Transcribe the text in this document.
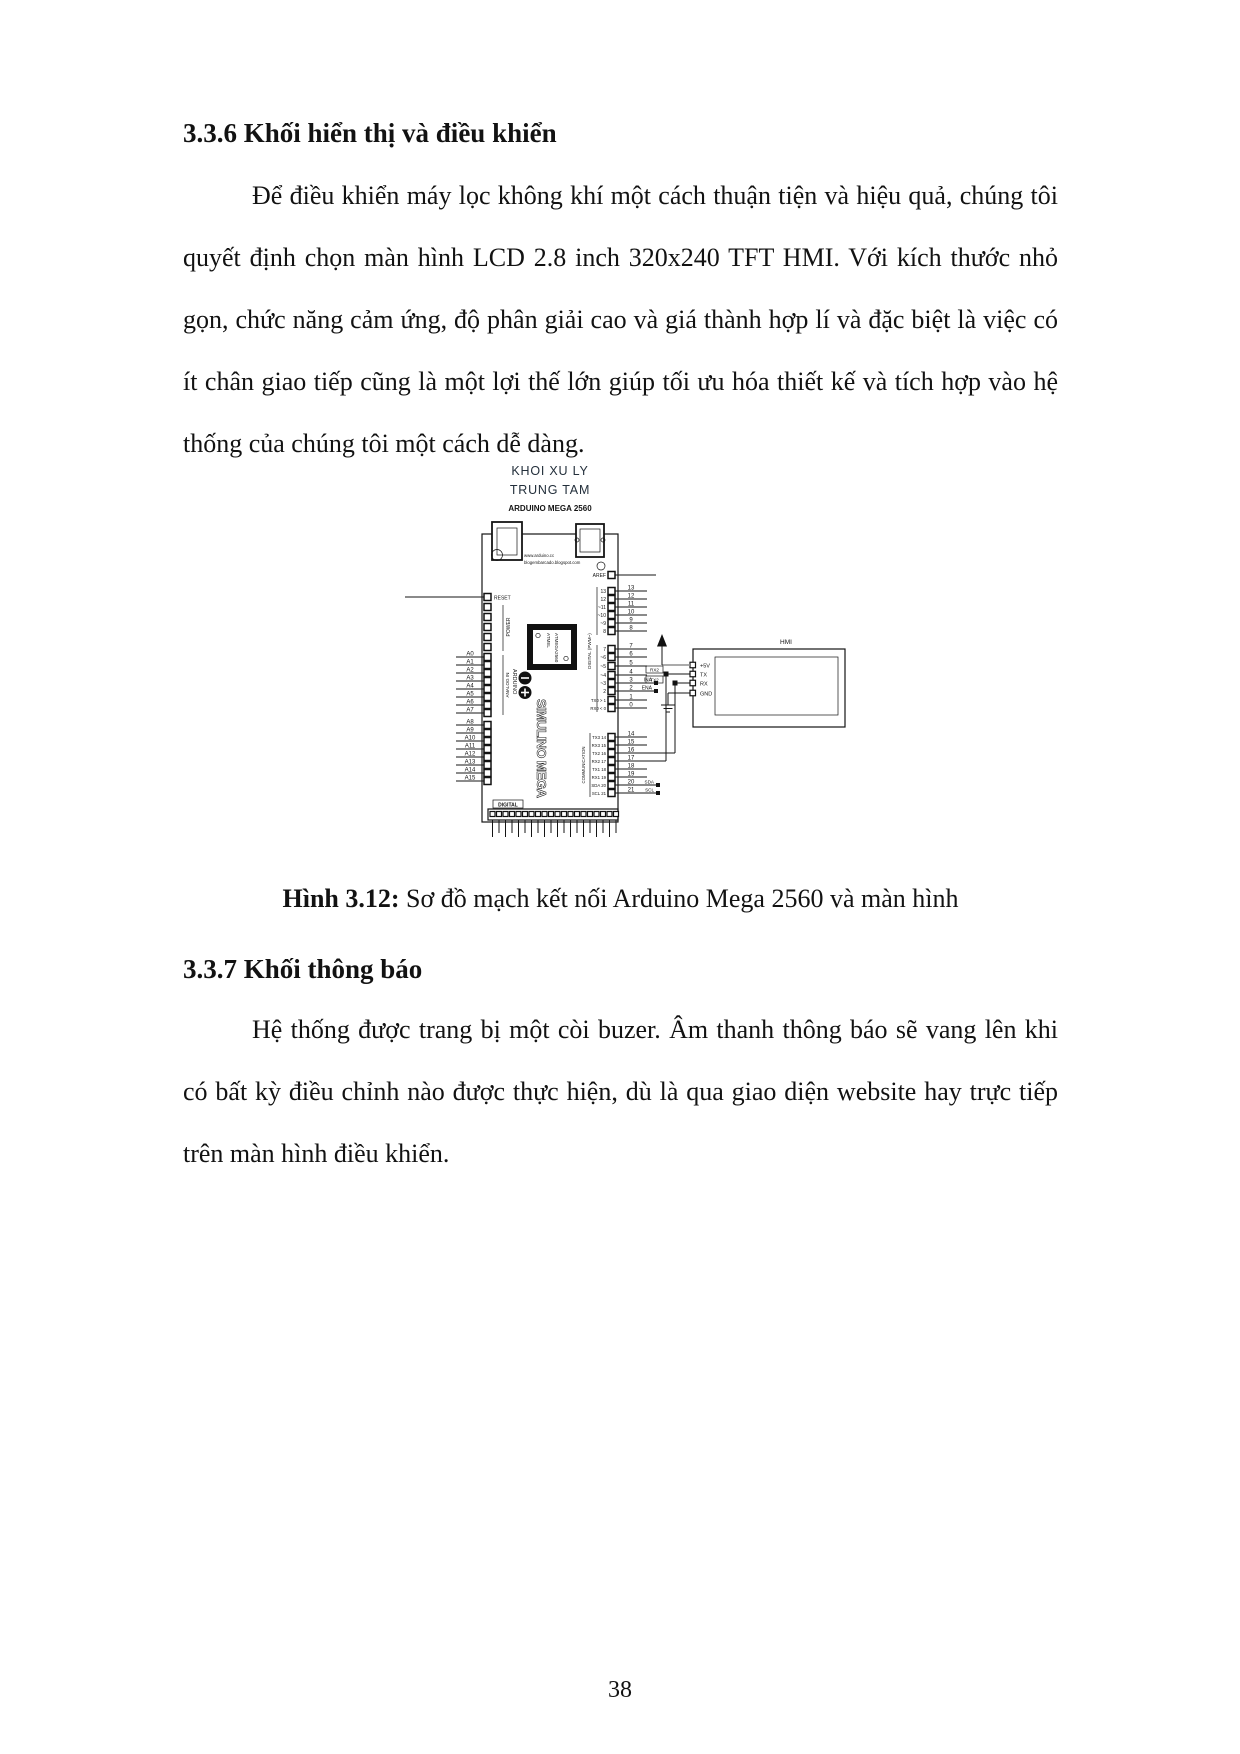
3.3.6 Khối hiển thị và điều khiển

Để điều khiển máy lọc không khí một cách thuận tiện và hiệu quả, chúng tôi quyết định chọn màn hình LCD 2.8 inch 320x240 TFT HMI. Với kích thước nhỏ gọn, chức năng cảm ứng, độ phân giải cao và giá thành hợp lí và đặc biệt là việc có ít chân giao tiếp cũng là một lợi thế lớn giúp tối ưu hóa thiết kế và tích hợp vào hệ thống của chúng tôi một cách dễ dàng.

KHOI XU LY
TRUNG TAM
ARDUINO MEGA 2560
www.arduino.cc
blogembarcado.blogspot.com
RESET
POWER
ANALOG IN
A0
A1
A2
A3
A4
A5
A6
A7
A8
A9
A10
A11
A12
A13
A14
A15
ATMEL ATMEGA2560
ARDUINO
SIMULINO MEGA
AREF
DIGITAL (PWM~)
13
13
12
12
~11
11
~10
10
~9
9
8
8
7
7
~6
6
~5
5
~4
4
~3
3
2
2
TX0 > 1	1
RX0 < 0	0
INA
ENA
COMMUNICATION
TX3 14	14
RX3 15	15
TX2 16	16
RX2 17	17
TX1 18	18
RX1 19	19
SDA 20	20
SCL 21	21
SDA
SCL
DIGITAL
HMI
+5V
TX
RX
GND
RX2
TX2
Hình 3.12: Sơ đồ mạch kết nối Arduino Mega 2560 và màn hình
3.3.7 Khối thông báo

Hệ thống được trang bị một còi buzer. Âm thanh thông báo sẽ vang lên khi có bất kỳ điều chỉnh nào được thực hiện, dù là qua giao diện website hay trực tiếp trên màn hình điều khiển.

38
